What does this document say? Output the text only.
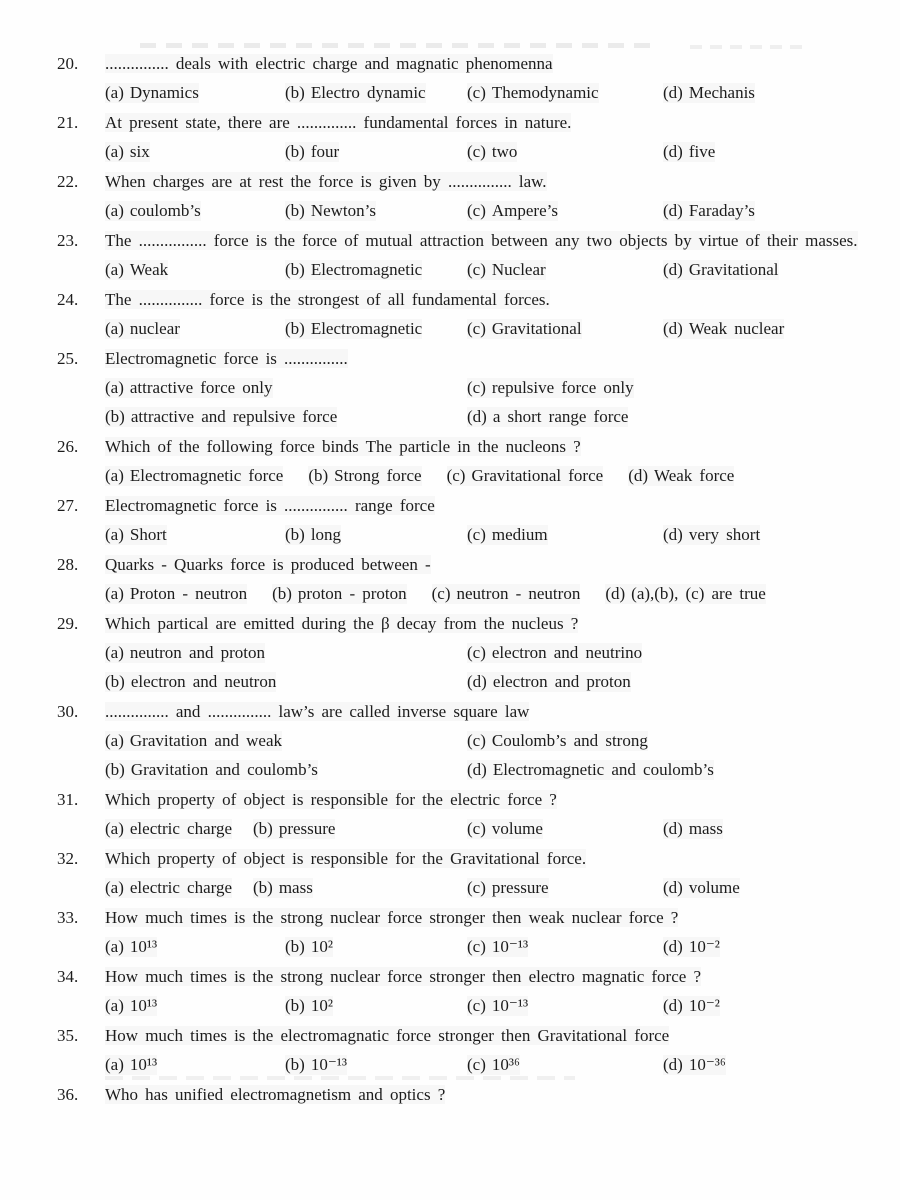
20. ............... deals with electric charge and magnatic phenomenna
(a) Dynamics	(b) Electro dynamic (c) Themodynamic	(d) Mechanis
21. At present state, there are .............. fundamental forces in nature.
(a) six	(b) four	(c) two	(d) five
22. When charges are at rest the force is given by ............... law.
(a) coulomb’s	(b) Newton’s	(c) Ampere’s	(d) Faraday’s
23. The ................ force is the force of mutual attraction between any two objects by virtue of their masses.
(a) Weak	(b) Electromagnetic	(c) Nuclear	(d) Gravitational
24. The ............... force is the strongest of all fundamental forces.
(a) nuclear	(b) Electromagnetic	(c) Gravitational	(d) Weak nuclear
25. Electromagnetic force is ...............
(a) attractive force only	(c) repulsive force only
(b) attractive and repulsive force	(d) a short range force
26. Which of the following force binds The particle in the nucleons ?
(a) Electromagnetic force (b) Strong force (c) Gravitational force (d) Weak force
27. Electromagnetic force is ............... range force
(a) Short	(b) long	(c) medium	(d) very short
28. Quarks - Quarks force is produced between -
(a) Proton - neutron (b) proton - proton (c) neutron - neutron (d) (a),(b), (c) are true
29. Which partical are emitted during the β decay from the nucleus ?
(a) neutron and proton	(c) electron and neutrino
(b) electron and neutron	(d) electron and proton
30. ............... and ............... law’s are called inverse square law
(a) Gravitation and weak	(c) Coulomb’s and strong
(b) Gravitation and coulomb’s	(d) Electromagnetic and coulomb’s
31. Which property of object is responsible for the electric force ?
(a) electric charge (b) pressure	(c) volume	(d) mass
32. Which property of object is responsible for the Gravitational force.
(a) electric charge (b) mass	(c) pressure	(d) volume
33. How much times is the strong nuclear force stronger then weak nuclear force ?
(a) 10¹³	(b) 10²	(c) 10⁻¹³	(d) 10⁻²
34. How much times is the strong nuclear force stronger then electro magnatic force ?
(a) 10¹³	(b) 10²	(c) 10⁻¹³	(d) 10⁻²
35. How much times is the electromagnatic force stronger then Gravitational force
(a) 10¹³	(b) 10⁻¹³	(c) 10³⁶	(d) 10⁻³⁶
36. Who has unified electromagnetism and optics ?
